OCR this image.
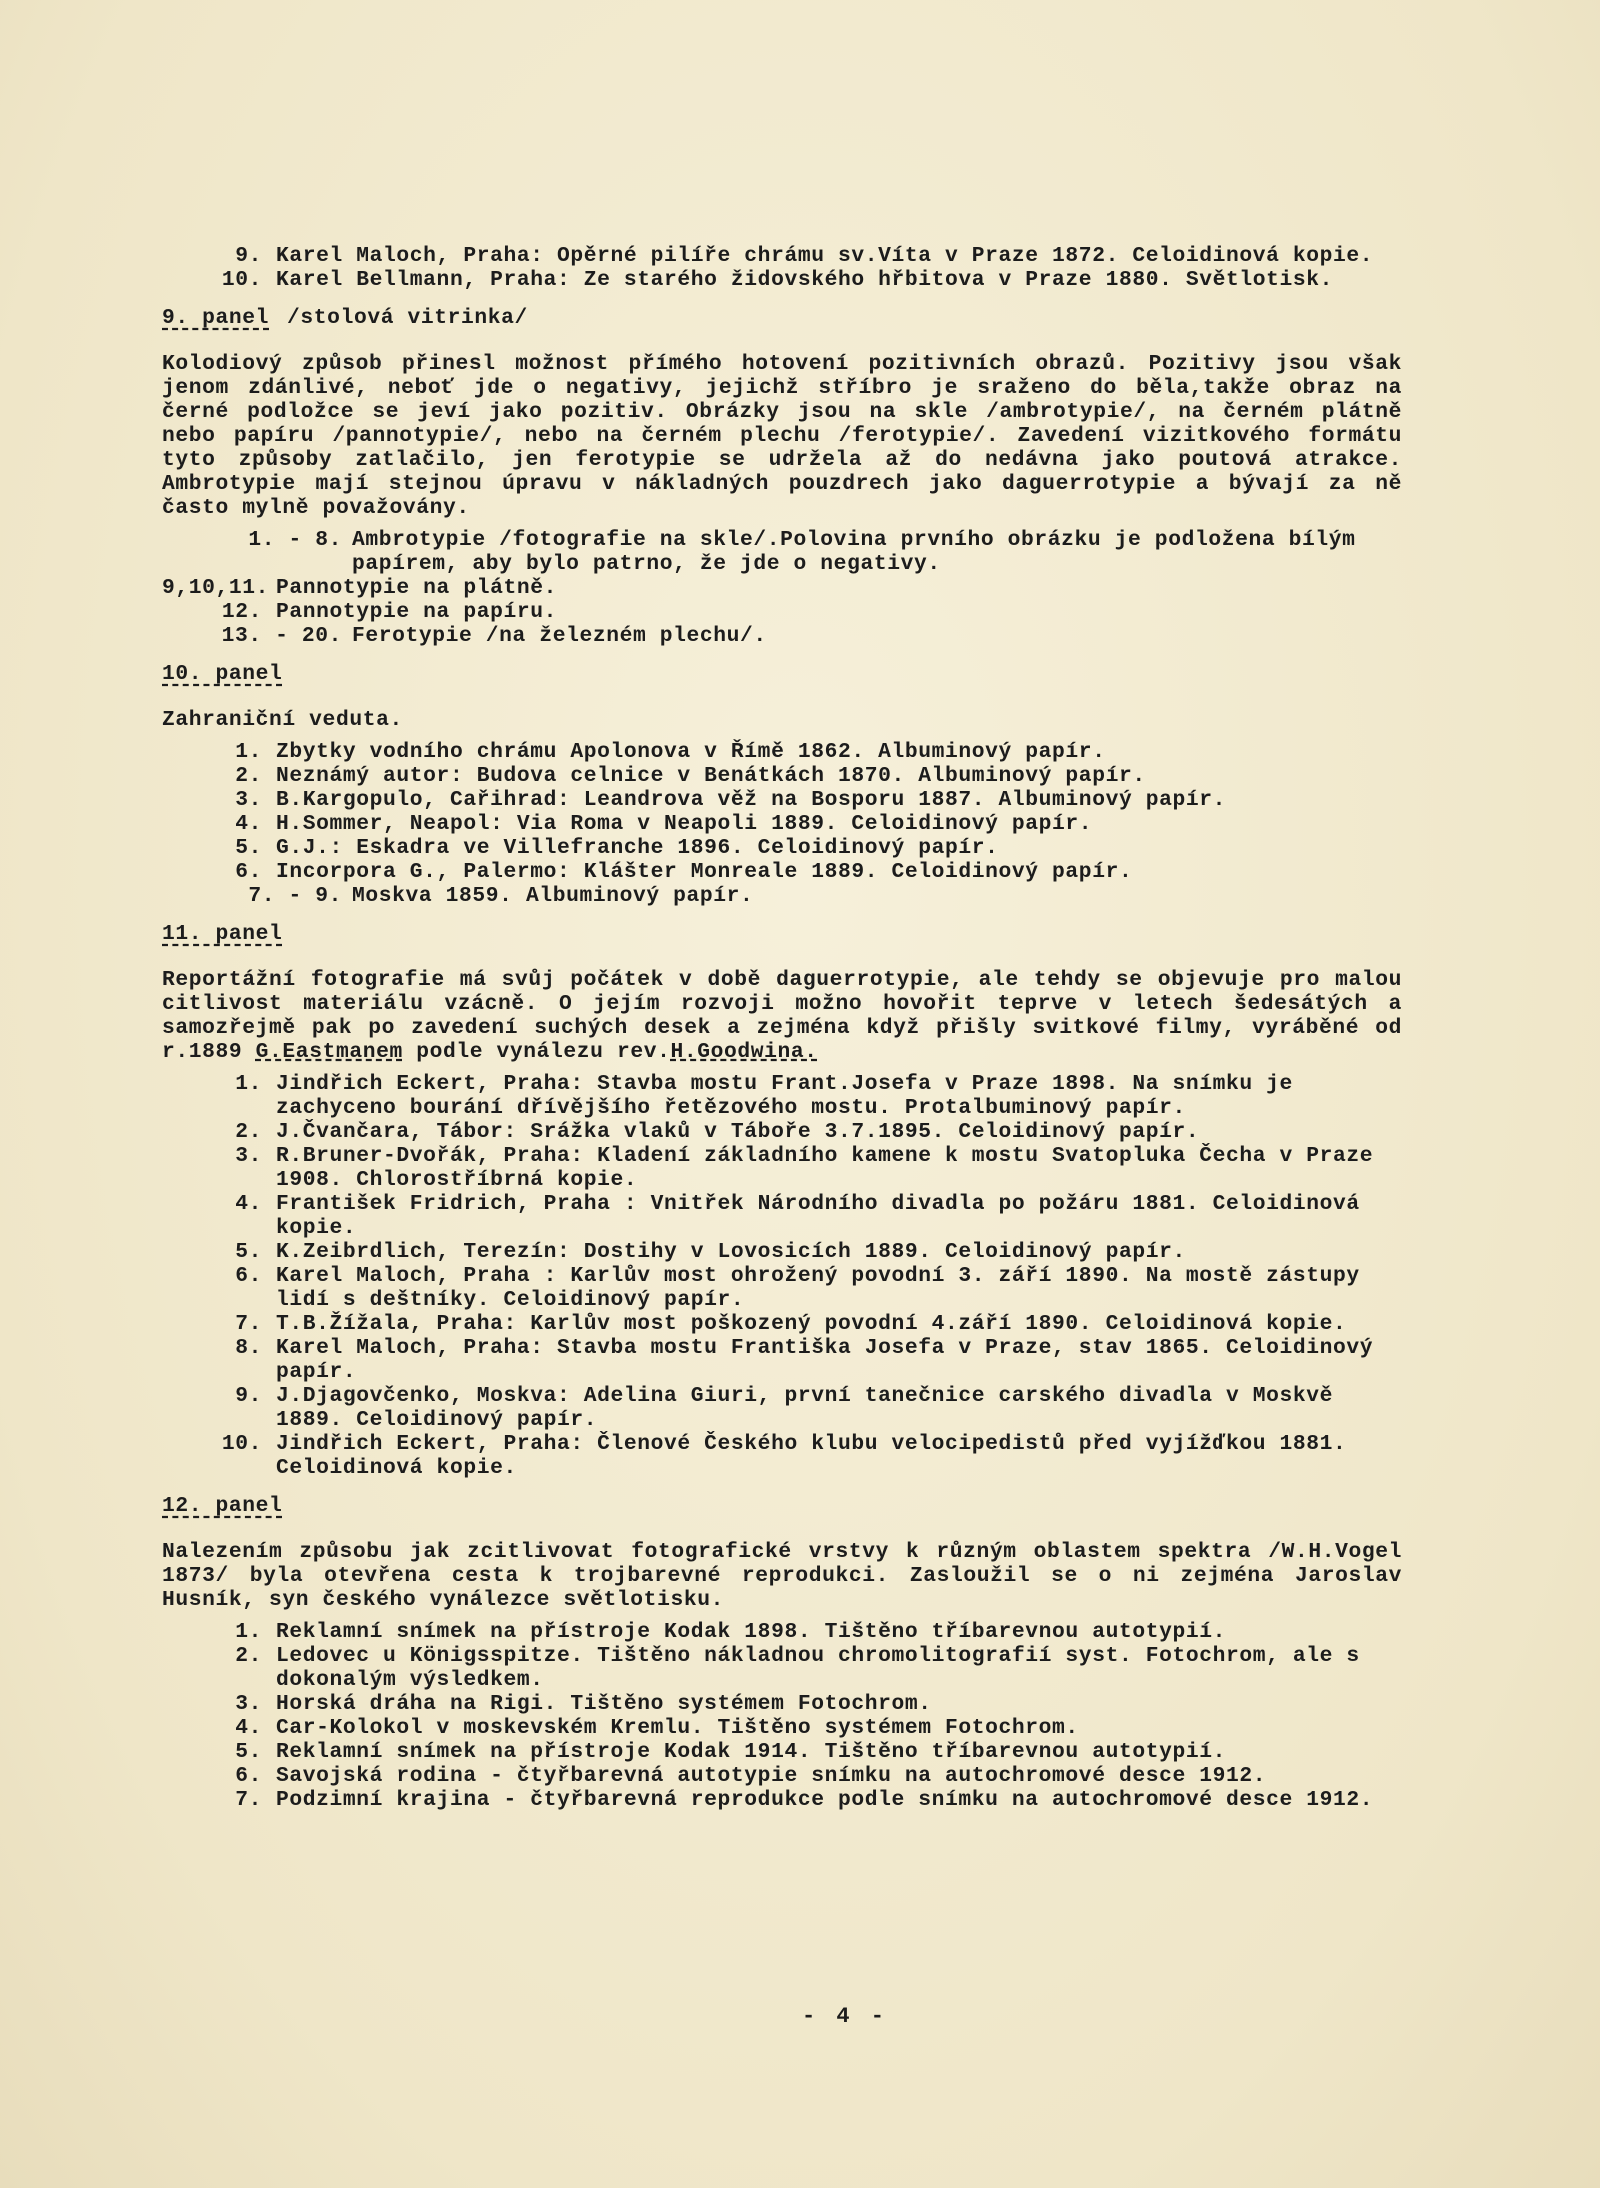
9. Karel Maloch, Praha: Opěrné pilíře chrámu sv.Víta v Praze 1872. Celoidinová kopie.
10. Karel Bellmann, Praha: Ze starého židovského hřbitova v Praze 1880. Světlotisk.
9. panel /stolová vitrinka/

Kolodiový způsob přinesl možnost přímého hotovení pozitivních obrazů. Pozitivy jsou však jenom zdánlivé, neboť jde o negativy, jejichž stříbro je sraženo do běla,takže obraz na černé podložce se jeví jako pozitiv. Obrázky jsou na skle /ambrotypie/, na černém plátně nebo papíru /pannotypie/, nebo na černém plechu /ferotypie/. Zavedení vizitkového formátu tyto způsoby zatlačilo, jen ferotypie se udržela až do nedávna jako poutová atrakce. Ambrotypie mají stejnou úpravu v nákladných pouzdrech jako daguerrotypie a bývají za ně často mylně považovány.

1. - 8. Ambrotypie /fotografie na skle/.Polovina prvního obrázku je podložena bílým papírem, aby bylo patrno, že jde o negativy.
9,10,11. Pannotypie na plátně.
12. Pannotypie na papíru.
13. - 20. Ferotypie /na železném plechu/.
10. panel

Zahraniční veduta.

1. Zbytky vodního chrámu Apolonova v Římě 1862. Albuminový papír.
2. Neznámý autor: Budova celnice v Benátkách 1870. Albuminový papír.
3. B.Kargopulo, Cařihrad: Leandrova věž na Bosporu 1887. Albuminový papír.
4. H.Sommer, Neapol: Via Roma v Neapoli 1889. Celoidinový papír.
5. G.J.: Eskadra ve Villefranche 1896. Celoidinový papír.
6. Incorpora G., Palermo: Klášter Monreale 1889. Celoidinový papír.
7. - 9. Moskva 1859. Albuminový papír.
11. panel

Reportážní fotografie má svůj počátek v době daguerrotypie, ale tehdy se objevuje pro malou citlivost materiálu vzácně. O jejím rozvoji možno hovořit teprve v letech šedesátých a samozřejmě pak po zavedení suchých desek a zejména když přišly svitkové filmy, vyráběné od r.1889 G.Eastmanem podle vynálezu rev.H.Goodwina.

1. Jindřich Eckert, Praha: Stavba mostu Frant.Josefa v Praze 1898. Na snímku je zachyceno bourání dřívějšího řetězového mostu. Protalbuminový papír.
2. J.Čvančara, Tábor: Srážka vlaků v Táboře 3.7.1895. Celoidinový papír.
3. R.Bruner-Dvořák, Praha: Kladení základního kamene k mostu Svatopluka Čecha v Praze 1908. Chlorostříbrná kopie.
4. František Fridrich, Praha : Vnitřek Národního divadla po požáru 1881. Celoidinová kopie.
5. K.Zeibrdlich, Terezín: Dostihy v Lovosicích 1889. Celoidinový papír.
6. Karel Maloch, Praha : Karlův most ohrožený povodní 3. září 1890. Na mostě zástupy lidí s deštníky. Celoidinový papír.
7. T.B.Žížala, Praha: Karlův most poškozený povodní 4.září 1890. Celoidinová kopie.
8. Karel Maloch, Praha: Stavba mostu Františka Josefa v Praze, stav 1865. Celoidinový papír.
9. J.Djagovčenko, Moskva: Adelina Giuri, první tanečnice carského divadla v Moskvě 1889. Celoidinový papír.
10. Jindřich Eckert, Praha: Členové Českého klubu velocipedistů před vyjížďkou 1881. Celoidinová kopie.
12. panel

Nalezením způsobu jak zcitlivovat fotografické vrstvy k různým oblastem spektra /W.H.Vogel 1873/ byla otevřena cesta k trojbarevné reprodukci. Zasloužil se o ni zejména Jaroslav Husník, syn českého vynálezce světlotisku.

1. Reklamní snímek na přístroje Kodak 1898. Tištěno tříbarevnou autotypií.
2. Ledovec u Königsspitze. Tištěno nákladnou chromolitografií syst. Fotochrom, ale s dokonalým výsledkem.
3. Horská dráha na Rigi. Tištěno systémem Fotochrom.
4. Car-Kolokol v moskevském Kremlu. Tištěno systémem Fotochrom.
5. Reklamní snímek na přístroje Kodak 1914. Tištěno tříbarevnou autotypií.
6. Savojská rodina - čtyřbarevná autotypie snímku na autochromové desce 1912.
7. Podzimní krajina - čtyřbarevná reprodukce podle snímku na autochromové desce 1912.
- 4 -
